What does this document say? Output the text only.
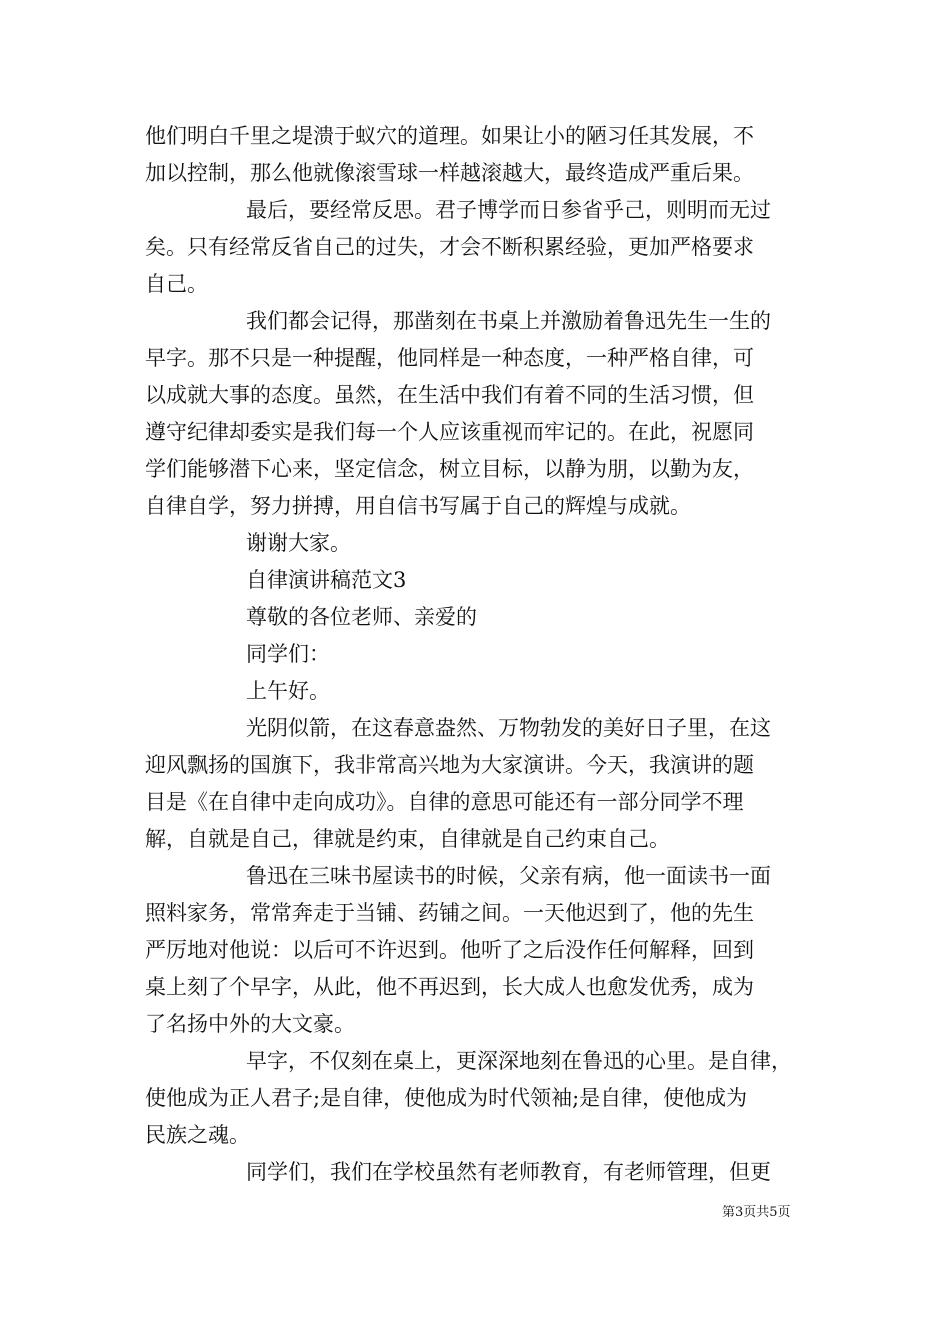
他们明白千里之堤溃于蚁穴的道理。如果让小的陋习任其发展，不
加以控制，那么他就像滚雪球一样越滚越大，最终造成严重后果。
最后，要经常反思。君子博学而日参省乎己，则明而无过
矣。只有经常反省自己的过失，才会不断积累经验，更加严格要求
自己。
我们都会记得，那凿刻在书桌上并激励着鲁迅先生一生的
早字。那不只是一种提醒，他同样是一种态度，一种严格自律，可
以成就大事的态度。虽然，在生活中我们有着不同的生活习惯，但
遵守纪律却委实是我们每一个人应该重视而牢记的。在此，祝愿同
学们能够潜下心来，坚定信念，树立目标，以静为朋，以勤为友，
自律自学，努力拼搏，用自信书写属于自己的辉煌与成就。
谢谢大家。
自律演讲稿范文3
尊敬的各位老师、亲爱的
同学们：
上午好。
光阴似箭，在这春意盎然、万物勃发的美好日子里，在这
迎风飘扬的国旗下，我非常高兴地为大家演讲。今天，我演讲的题
目是《在自律中走向成功》。自律的意思可能还有一部分同学不理
解，自就是自己，律就是约束，自律就是自己约束自己。
鲁迅在三味书屋读书的时候，父亲有病，他一面读书一面
照料家务，常常奔走于当铺、药铺之间。一天他迟到了，他的先生
严厉地对他说：以后可不许迟到。他听了之后没作任何解释，回到
桌上刻了个早字，从此，他不再迟到，长大成人也愈发优秀，成为
了名扬中外的大文豪。
早字，不仅刻在桌上，更深深地刻在鲁迅的心里。是自律，
使他成为正人君子;是自律，使他成为时代领袖;是自律，使他成为
民族之魂。
同学们，我们在学校虽然有老师教育，有老师管理，但更
第3页共5页
